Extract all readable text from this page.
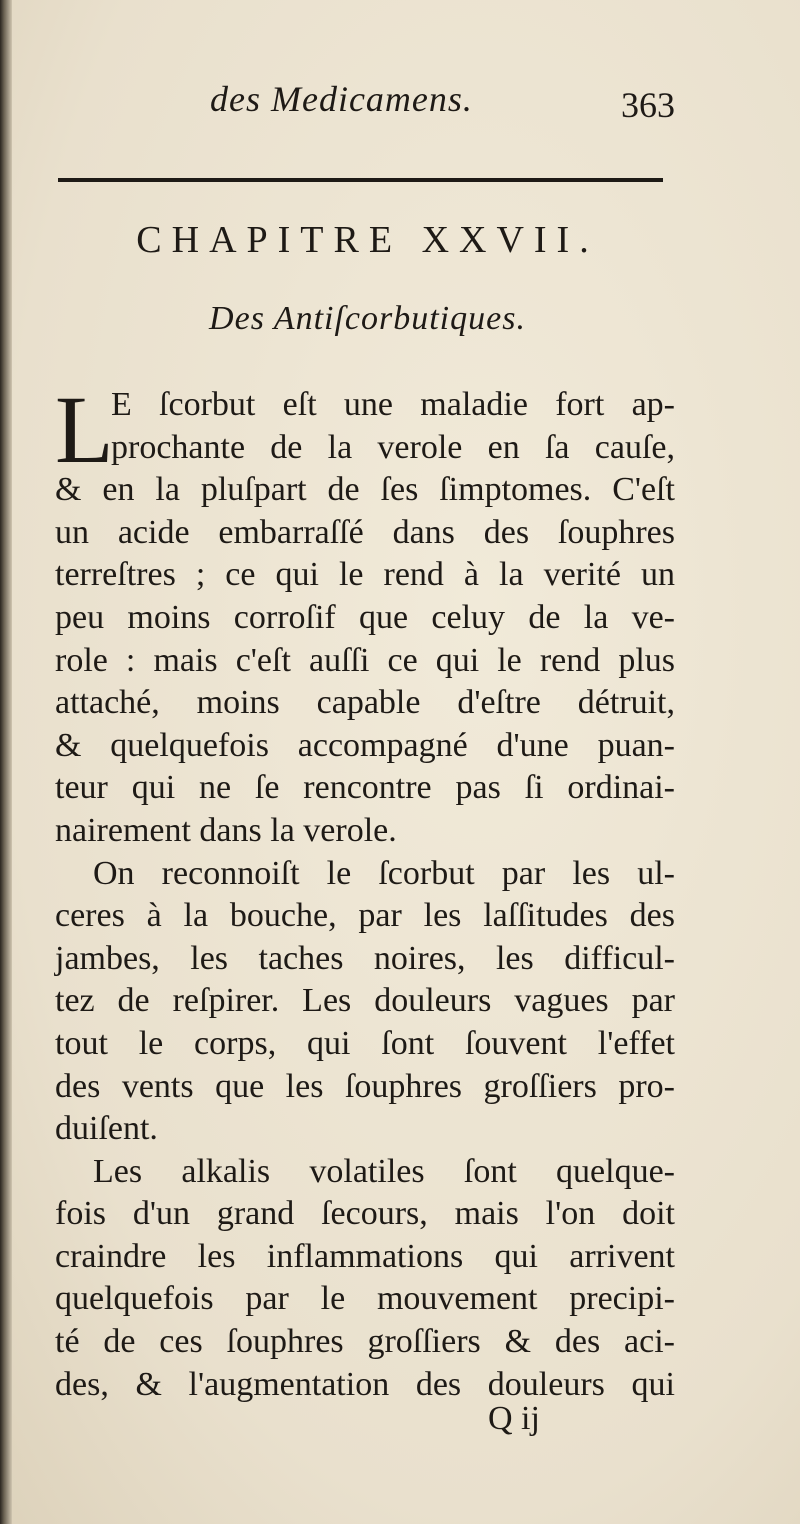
des Medicamens.	363
CHAPITRE XXVII.
Des Antiſcorbutiques.
L
E ſcorbut eſt une maladie fort ap-
prochante de la verole en ſa cauſe,
& en la pluſpart de ſes ſimptomes. C'eſt
un acide embarraſſé dans des ſouphres
terreſtres ; ce qui le rend à la verité un
peu moins corroſif que celuy de la ve-
role : mais c'eſt auſſi ce qui le rend plus
attaché, moins capable d'eſtre détruit,
& quelquefois accompagné d'une puan-
teur qui ne ſe rencontre pas ſi ordinai-
nairement dans la verole.
On reconnoiſt le ſcorbut par les ul-
ceres à la bouche, par les laſſitudes des
jambes, les taches noires, les difficul-
tez de reſpirer. Les douleurs vagues par
tout le corps, qui ſont ſouvent l'effet
des vents que les ſouphres groſſiers pro-
duiſent.
Les alkalis volatiles ſont quelque-
fois d'un grand ſecours, mais l'on doit
craindre les inflammations qui arrivent
quelquefois par le mouvement precipi-
té de ces ſouphres groſſiers & des aci-
des, & l'augmentation des douleurs qui
Q ij
